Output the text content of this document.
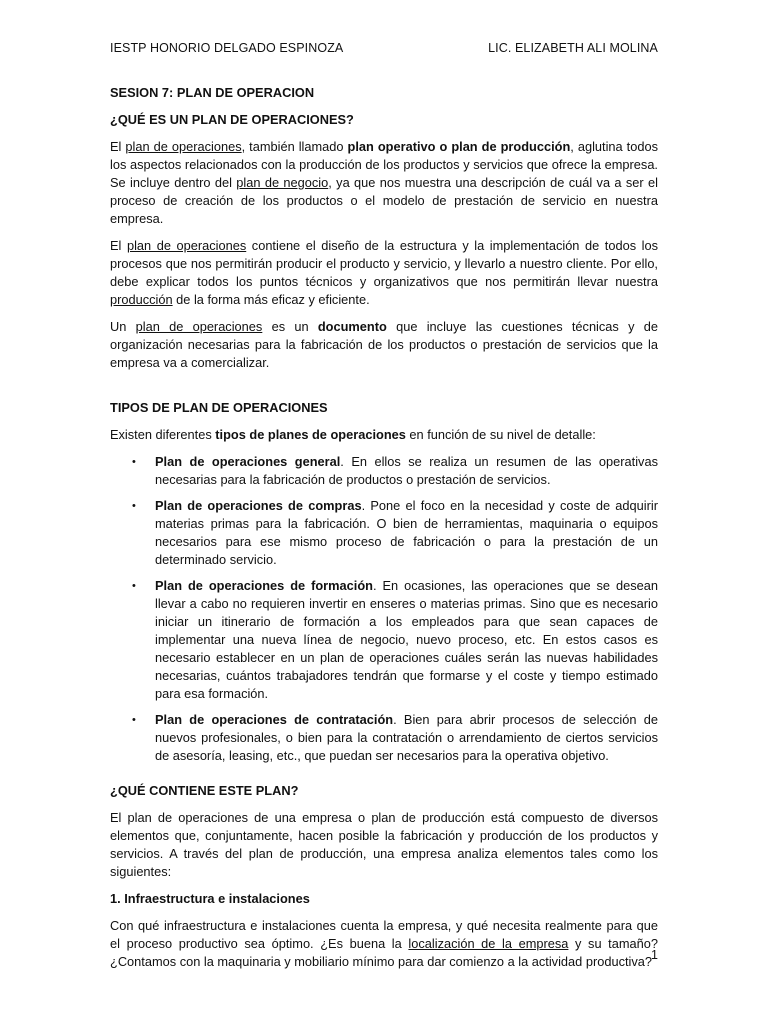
IESTP HONORIO DELGADO ESPINOZA	LIC. ELIZABETH ALI MOLINA

SESION 7: PLAN DE OPERACION

¿QUÉ ES UN PLAN DE OPERACIONES?

El plan de operaciones, también llamado plan operativo o plan de producción, aglutina todos los aspectos relacionados con la producción de los productos y servicios que ofrece la empresa. Se incluye dentro del plan de negocio, ya que nos muestra una descripción de cuál va a ser el proceso de creación de los productos o el modelo de prestación de servicio en nuestra empresa.

El plan de operaciones contiene el diseño de la estructura y la implementación de todos los procesos que nos permitirán producir el producto y servicio, y llevarlo a nuestro cliente. Por ello, debe explicar todos los puntos técnicos y organizativos que nos permitirán llevar nuestra producción de la forma más eficaz y eficiente.

Un plan de operaciones es un documento que incluye las cuestiones técnicas y de organización necesarias para la fabricación de los productos o prestación de servicios que la empresa va a comercializar.

TIPOS DE PLAN DE OPERACIONES

Existen diferentes tipos de planes de operaciones en función de su nivel de detalle:

• Plan de operaciones general. En ellos se realiza un resumen de las operativas necesarias para la fabricación de productos o prestación de servicios.
• Plan de operaciones de compras. Pone el foco en la necesidad y coste de adquirir materias primas para la fabricación. O bien de herramientas, maquinaria o equipos necesarios para ese mismo proceso de fabricación o para la prestación de un determinado servicio.
• Plan de operaciones de formación. En ocasiones, las operaciones que se desean llevar a cabo no requieren invertir en enseres o materias primas. Sino que es necesario iniciar un itinerario de formación a los empleados para que sean capaces de implementar una nueva línea de negocio, nuevo proceso, etc. En estos casos es necesario establecer en un plan de operaciones cuáles serán las nuevas habilidades necesarias, cuántos trabajadores tendrán que formarse y el coste y tiempo estimado para esa formación.
• Plan de operaciones de contratación. Bien para abrir procesos de selección de nuevos profesionales, o bien para la contratación o arrendamiento de ciertos servicios de asesoría, leasing, etc., que puedan ser necesarios para la operativa objetivo.

¿QUÉ CONTIENE ESTE PLAN?

El plan de operaciones de una empresa o plan de producción está compuesto de diversos elementos que, conjuntamente, hacen posible la fabricación y producción de los productos y servicios. A través del plan de producción, una empresa analiza elementos tales como los siguientes:

1. Infraestructura e instalaciones

Con qué infraestructura e instalaciones cuenta la empresa, y qué necesita realmente para que el proceso productivo sea óptimo. ¿Es buena la localización de la empresa y su tamaño? ¿Contamos con la maquinaria y mobiliario mínimo para dar comienzo a la actividad productiva? 1
